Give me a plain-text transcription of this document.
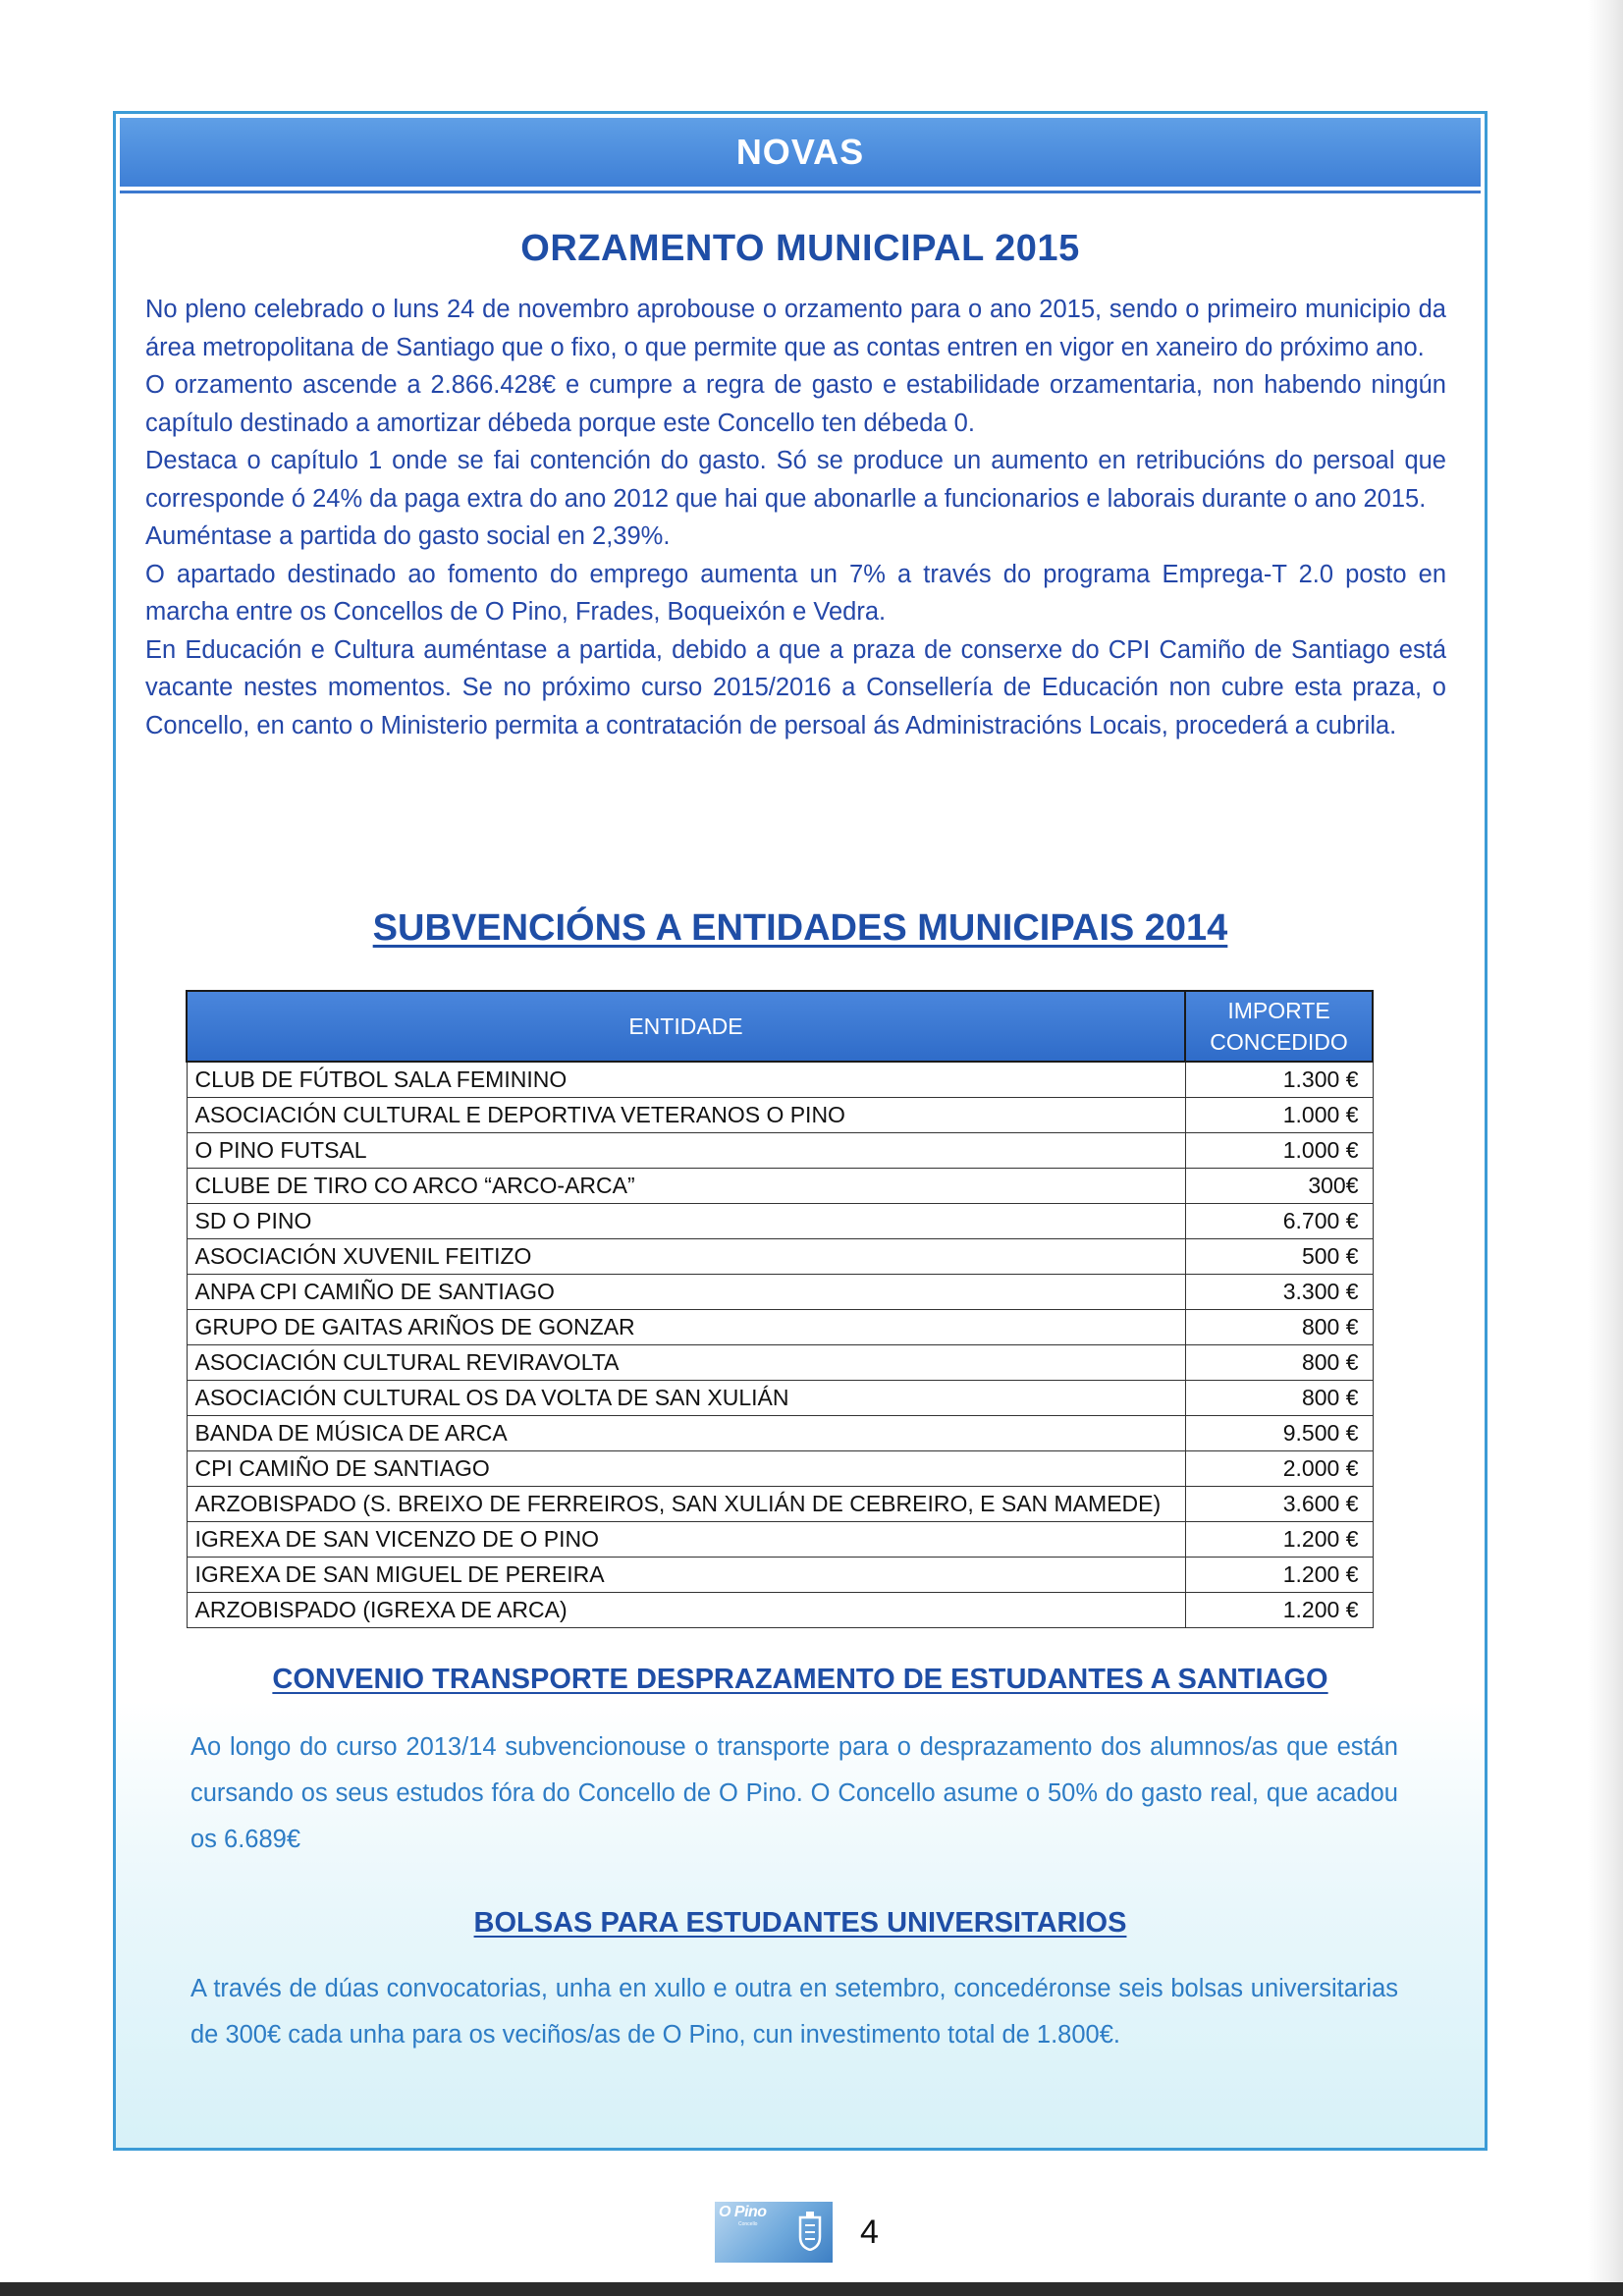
NOVAS
ORZAMENTO MUNICIPAL 2015

No pleno celebrado o luns 24 de novembro aprobouse o orzamento para o ano 2015, sendo o primeiro municipio da área metropolitana de Santiago que o fixo, o que permite que as contas entren en vigor en xaneiro do próximo ano.

O orzamento ascende a 2.866.428€ e cumpre a regra de gasto e estabilidade orzamentaria, non habendo ningún capítulo destinado a amortizar débeda porque este Concello ten débeda 0.

Destaca o capítulo 1 onde se fai contención do gasto. Só se produce un aumento en retribucións do persoal que corresponde ó 24% da paga extra do ano 2012 que hai que abonarlle a funcionarios e laborais durante o ano 2015.

Auméntase a partida do gasto social en 2,39%.

O apartado destinado ao fomento do emprego aumenta un 7% a través do programa Emprega-T 2.0 posto en marcha entre os Concellos de O Pino, Frades, Boqueixón e Vedra.

En Educación e Cultura auméntase a partida, debido a que a praza de conserxe do CPI Camiño de Santiago está vacante nestes momentos. Se no próximo curso 2015/2016 a Consellería de Educación non cubre esta praza, o Concello, en canto o Ministerio permita a contratación de persoal ás Administracións Locais, procederá a cubrila.

SUBVENCIÓNS A ENTIDADES MUNICIPAIS 2014
ENTIDADE	IMPORTE CONCEDIDO
CLUB DE FÚTBOL SALA FEMININO	1.300 €
ASOCIACIÓN CULTURAL E DEPORTIVA VETERANOS O PINO	1.000 €
O PINO FUTSAL	1.000 €
CLUBE DE TIRO CO ARCO “ARCO-ARCA”	300€
SD O PINO	6.700 €
ASOCIACIÓN XUVENIL FEITIZO	500 €
ANPA CPI CAMIÑO DE SANTIAGO	3.300 €
GRUPO DE GAITAS ARIÑOS DE GONZAR	800 €
ASOCIACIÓN CULTURAL REVIRAVOLTA	800 €
ASOCIACIÓN CULTURAL OS DA VOLTA DE SAN XULIÁN	800 €
BANDA DE MÚSICA DE ARCA	9.500 €
CPI CAMIÑO DE SANTIAGO	2.000 €
ARZOBISPADO (S. BREIXO DE FERREIROS, SAN XULIÁN DE CEBREIRO, E SAN MAMEDE)	3.600 €
IGREXA DE SAN VICENZO DE O PINO	1.200 €
IGREXA DE SAN MIGUEL DE PEREIRA	1.200 €
ARZOBISPADO (IGREXA DE ARCA)	1.200 €
CONVENIO TRANSPORTE DESPRAZAMENTO DE ESTUDANTES A SANTIAGO

Ao longo do curso 2013/14 subvencionouse o transporte para o desprazamento dos alumnos/as que están cursando os seus estudos fóra do Concello de O Pino. O Concello asume o 50% do gasto real, que acadou os 6.689€

BOLSAS PARA ESTUDANTES UNIVERSITARIOS

A través de dúas convocatorias, unha en xullo e outra en setembro, concedéronse seis bolsas universitarias de 300€ cada unha para os veciños/as de O Pino, cun investimento total de 1.800€.

O Pino
Concello	4
